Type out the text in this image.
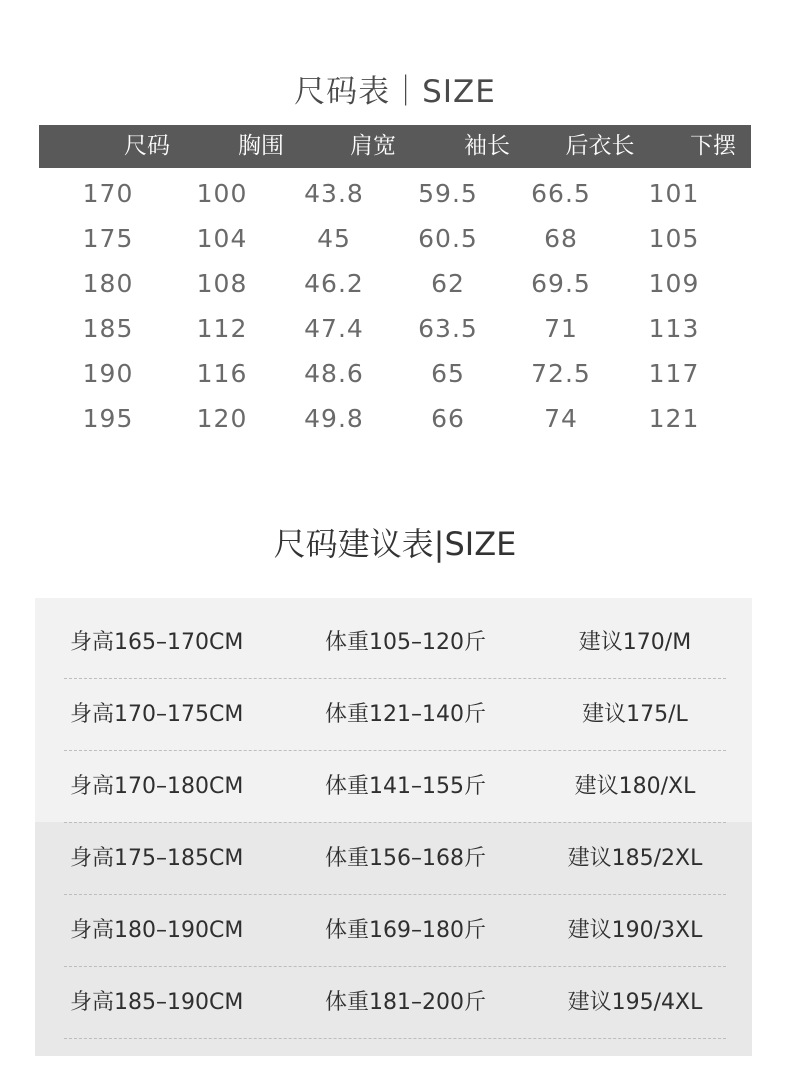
尺码表｜SIZE
尺码	胸围	肩宽	袖长	后衣长	下摆
170	100	43.8	59.5	66.5	101
175	104	45	60.5	68	105
180	108	46.2	62	69.5	109
185	112	47.4	63.5	71	113
190	116	48.6	65	72.5	117
195	120	49.8	66	74	121
尺码建议表|SIZE
身高165–170CM	体重105–120斤	建议170/M
身高170–175CM	体重121–140斤	建议175/L
身高170–180CM	体重141–155斤	建议180/XL
身高175–185CM	体重156–168斤	建议185/2XL
身高180–190CM	体重169–180斤	建议190/3XL
身高185–190CM	体重181–200斤	建议195/4XL
